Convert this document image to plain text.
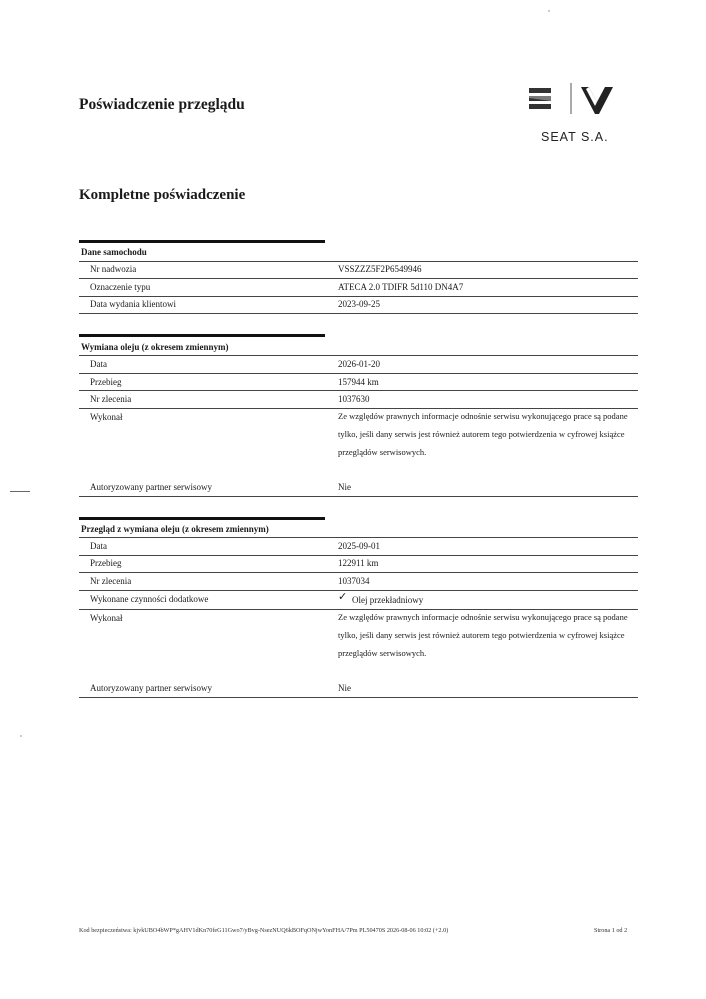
Poświadczenie przeglądu
SEAT S.A.
Kompletne poświadczenie
Dane samochodu
Nr nadwozia	VSSZZZ5F2P6549946
Oznaczenie typu	ATECA 2.0 TDIFR 5d110 DN4A7
Data wydania klientowi	2023-09-25
Wymiana oleju (z okresem zmiennym)
Data	2026-01-20
Przebieg	157944 km
Nr zlecenia	1037630
Wykonał	Ze względów prawnych informacje odnośnie serwisu wykonującego prace są podane tylko, jeśli dany serwis jest również autorem tego potwierdzenia w cyfrowej książce przeglądów serwisowych.
Autoryzowany partner serwisowy	Nie
Przegląd z wymiana oleju (z okresem zmiennym)
Data	2025-09-01
Przebieg	122911 km
Nr zlecenia	1037034
Wykonane czynności dodatkowe	✓ Olej przekładniowy
Wykonał	Ze względów prawnych informacje odnośnie serwisu wykonującego prace są podane tylko, jeśli dany serwis jest również autorem tego potwierdzenia w cyfrowej książce przeglądów serwisowych.
Autoryzowany partner serwisowy	Nie
Kod bezpieczeństwa: kjvkUBO4bWP*gAHV1dKn70feG11Gwo7/yBvg-NsezNUQ6kBOFqONjwYonFHA/7Pm PL50470S 2026-08-06 10:02 (+2.0)	Strona 1 od 2
